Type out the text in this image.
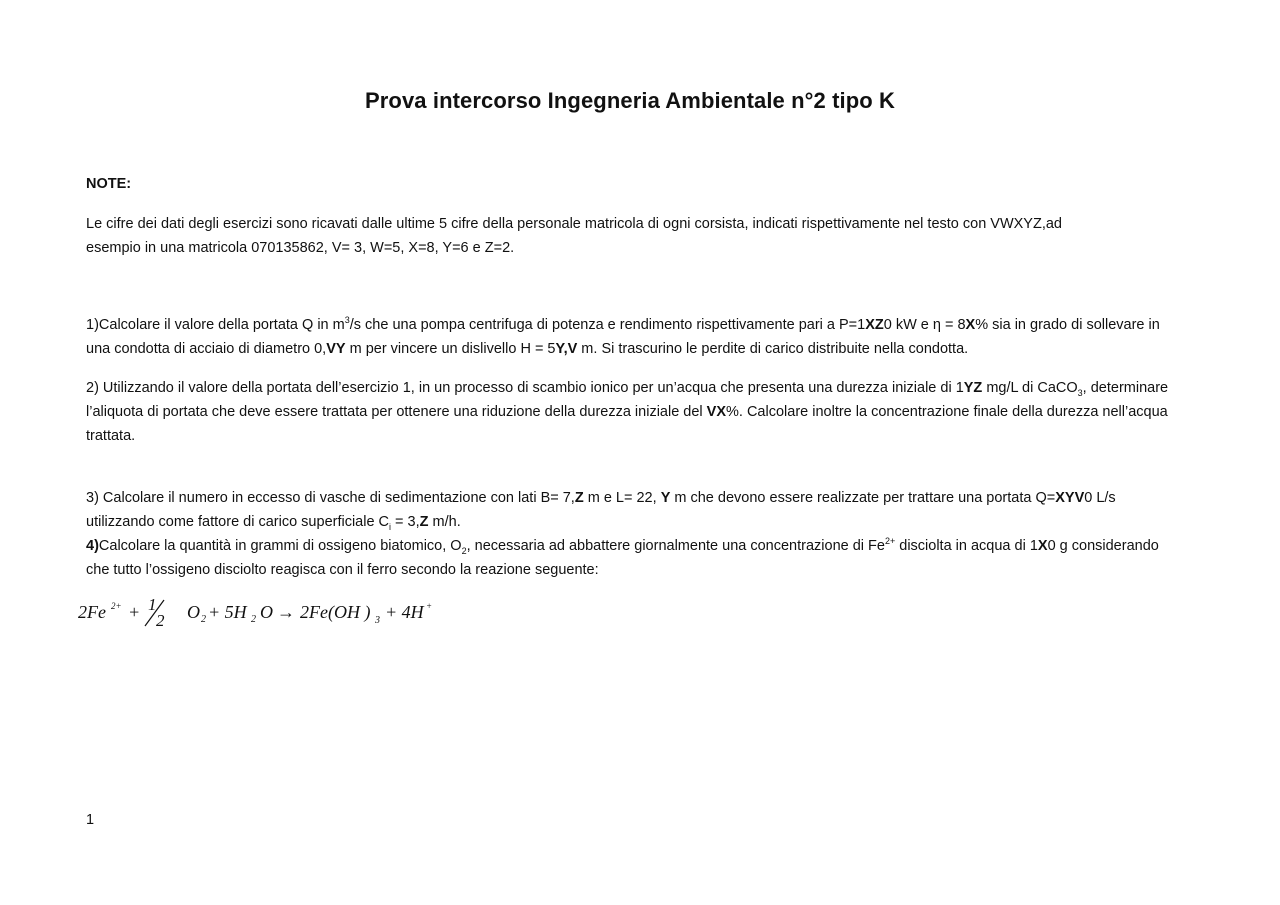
Prova intercorso Ingegneria Ambientale n°2 tipo K
NOTE:
Le cifre dei dati degli esercizi sono ricavati dalle ultime 5 cifre della personale matricola di ogni corsista, indicati rispettivamente nel testo con VWXYZ,ad
esempio in una matricola 070135862, V= 3, W=5, X=8, Y=6 e Z=2.
1)Calcolare il valore della portata Q in $m^3/s$ che una pompa centrifuga di potenza e rendimento rispettivamente pari a P=1XZ0 kW e η = 8X% sia in grado di sollevare in una condotta di acciaio di diametro 0,VY m per vincere un dislivello H = 5Y,V m. Si trascurino le perdite di carico distribuite nella condotta.
2) Utilizzando il valore della portata dell’esercizio 1, in un processo di scambio ionico per un’acqua che presenta una durezza iniziale di 1YZ mg/L di CaCO$_3$, determinare l’aliquota di portata che deve essere trattata per ottenere una riduzione della durezza iniziale del VX%. Calcolare inoltre la concentrazione finale della durezza nell’acqua trattata.
3) Calcolare il numero in eccesso di vasche di sedimentazione con lati B= 7,Z m e L= 22, Y m che devono essere realizzate per trattare una portata Q=XYV0 L/s utilizzando come fattore di carico superficiale $C_i = 3,Z$ m/h.
4)Calcolare la quantità in grammi di ossigeno biatomico, $O_2$, necessaria ad abbattere giornalmente una concentrazione di $Fe^{2+}$ disciolta in acqua di 1X0 g considerando che tutto l’ossigeno disciolto reagisca con il ferro secondo la reazione seguente:
2Fe 2+ + 1
2 O 2 + 5H 2 O → 2Fe(OH ) 3 + 4H +
1
